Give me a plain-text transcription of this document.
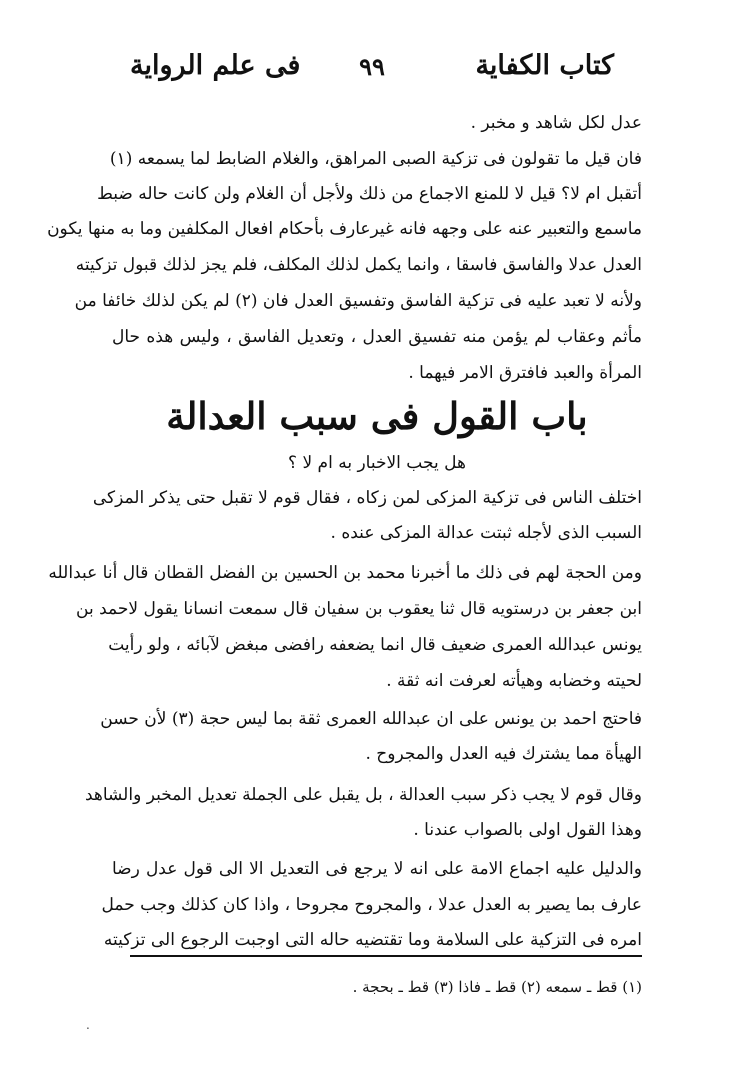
كتاب الكفاية
٩٩
فى علم الرواية
عدل لكل شاهد و مخبر .
فان قيل ما تقولون فى تزكية الصبى المراهق، والغلام الضابط لما يسمعه (١)
أتقبل ام لا؟ قيل لا للمنع الاجماع من ذلك ولأجل أن الغلام ولن كانت حاله ضبط
ماسمع والتعبير عنه على وجهه فانه غيرعارف بأحكام افعال المكلفين وما به منها يكون
العدل عدلا والفاسق فاسقا ، وانما يكمل لذلك المكلف، فلم يجز لذلك قبول تزكيته
ولأنه لا تعبد عليه فى تزكية الفاسق وتفسيق العدل فان (٢) لم يكن لذلك خائفا من
مأثم وعقاب لم يؤمن منه تفسيق العدل ، وتعديل الفاسق ، وليس هذه حال
المرأة والعبد فافترق الامر فيهما .
باب القول فى سبب العدالة
هل يجب الاخبار به ام لا ؟
اختلف الناس فى تزكية المزكى لمن زكاه ، فقال قوم لا تقبل حتى يذكر المزكى
السبب الذى لأجله ثبتت عدالة المزكى عنده .
ومن الحجة لهم فى ذلك ما أخبرنا محمد بن الحسين بن الفضل القطان قال أنا عبدالله
ابن جعفر بن درستويه قال ثنا يعقوب بن سفيان قال سمعت انسانا يقول لاحمد بن
يونس عبدالله العمرى ضعيف قال انما يضعفه رافضى مبغض لآبائه ، ولو رأيت
لحيته وخضابه وهيأته لعرفت انه ثقة .
فاحتج احمد بن يونس على ان عبدالله العمرى ثقة بما ليس حجة (٣) لأن حسن
الهيأة مما يشترك فيه العدل والمجروح .
وقال قوم لا يجب ذكر سبب العدالة ، بل يقبل على الجملة تعديل المخبر والشاهد
وهذا القول اولى بالصواب عندنا .
والدليل عليه اجماع الامة على انه لا يرجع فى التعديل الا الى قول عدل رضا
عارف بما يصير به العدل عدلا ، والمجروح مجروحا ، واذا كان كذلك وجب حمل
امره فى التزكية على السلامة وما تقتضيه حاله التى اوجبت الرجوع الى تزكيته
(١) قط ـ سمعه (٢) قط ـ فاذا (٣) قط ـ بحجة .
.
